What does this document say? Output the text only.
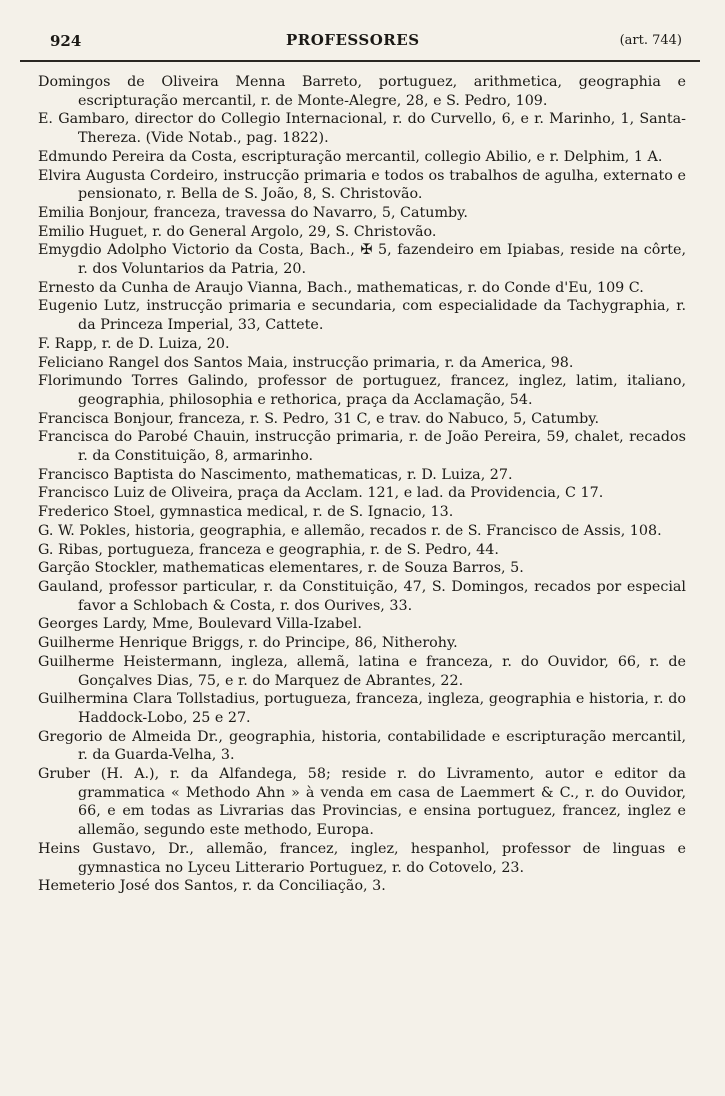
924	PROFESSORES	(art. 744)
Domingos de Oliveira Menna Barreto, portuguez, arithmetica, geographia e escripturação mercantil, r. de Monte-Alegre, 28, e S. Pedro, 109.
E. Gambaro, director do Collegio Internacional, r. do Curvello, 6, e r. Marinho, 1, Santa-Thereza. (Vide Notab., pag. 1822).
Edmundo Pereira da Costa, escripturação mercantil, collegio Abilio, e r. Delphim, 1 A.
Elvira Augusta Cordeiro, instrucção primaria e todos os trabalhos de agulha, externato e pensionato, r. Bella de S. João, 8, S. Christovão.
Emilia Bonjour, franceza, travessa do Navarro, 5, Catumby.
Emilio Huguet, r. do General Argolo, 29, S. Christovão.
Emygdio Adolpho Victorio da Costa, Bach., ✠ 5, fazendeiro em Ipiabas, reside na côrte, r. dos Voluntarios da Patria, 20.
Ernesto da Cunha de Araujo Vianna, Bach., mathematicas, r. do Conde d'Eu, 109 C.
Eugenio Lutz, instrucção primaria e secundaria, com especialidade da Tachygraphia, r. da Princeza Imperial, 33, Cattete.
F. Rapp, r. de D. Luiza, 20.
Feliciano Rangel dos Santos Maia, instrucção primaria, r. da America, 98.
Florimundo Torres Galindo, professor de portuguez, francez, inglez, latim, italiano, geographia, philosophia e rethorica, praça da Acclamação, 54.
Francisca Bonjour, franceza, r. S. Pedro, 31 C, e trav. do Nabuco, 5, Catumby.
Francisca do Parobé Chauin, instrucção primaria, r. de João Pereira, 59, chalet, recados r. da Constituição, 8, armarinho.
Francisco Baptista do Nascimento, mathematicas, r. D. Luiza, 27.
Francisco Luiz de Oliveira, praça da Acclam. 121, e lad. da Providencia, C 17.
Frederico Stoel, gymnastica medical, r. de S. Ignacio, 13.
G. W. Pokles, historia, geographia, e allemão, recados r. de S. Francisco de Assis, 108.
G. Ribas, portugueza, franceza e geographia, r. de S. Pedro, 44.
Garção Stockler, mathematicas elementares, r. de Souza Barros, 5.
Gauland, professor particular, r. da Constituição, 47, S. Domingos, recados por especial favor a Schlobach & Costa, r. dos Ourives, 33.
Georges Lardy, Mme, Boulevard Villa-Izabel.
Guilherme Henrique Briggs, r. do Principe, 86, Nitherohy.
Guilherme Heistermann, ingleza, allemã, latina e franceza, r. do Ouvidor, 66, r. de Gonçalves Dias, 75, e r. do Marquez de Abrantes, 22.
Guilhermina Clara Tollstadius, portugueza, franceza, ingleza, geographia e historia, r. do Haddock-Lobo, 25 e 27.
Gregorio de Almeida Dr., geographia, historia, contabilidade e escripturação mercantil, r. da Guarda-Velha, 3.
Gruber (H. A.), r. da Alfandega, 58; reside r. do Livramento, autor e editor da grammatica « Methodo Ahn » à venda em casa de Laemmert & C., r. do Ouvidor, 66, e em todas as Livrarias das Provincias, e ensina portuguez, francez, inglez e allemão, segundo este methodo, Europa.
Heins Gustavo, Dr., allemão, francez, inglez, hespanhol, professor de linguas e gymnastica no Lyceu Litterario Portuguez, r. do Cotovelo, 23.
Hemeterio José dos Santos, r. da Conciliação, 3.
